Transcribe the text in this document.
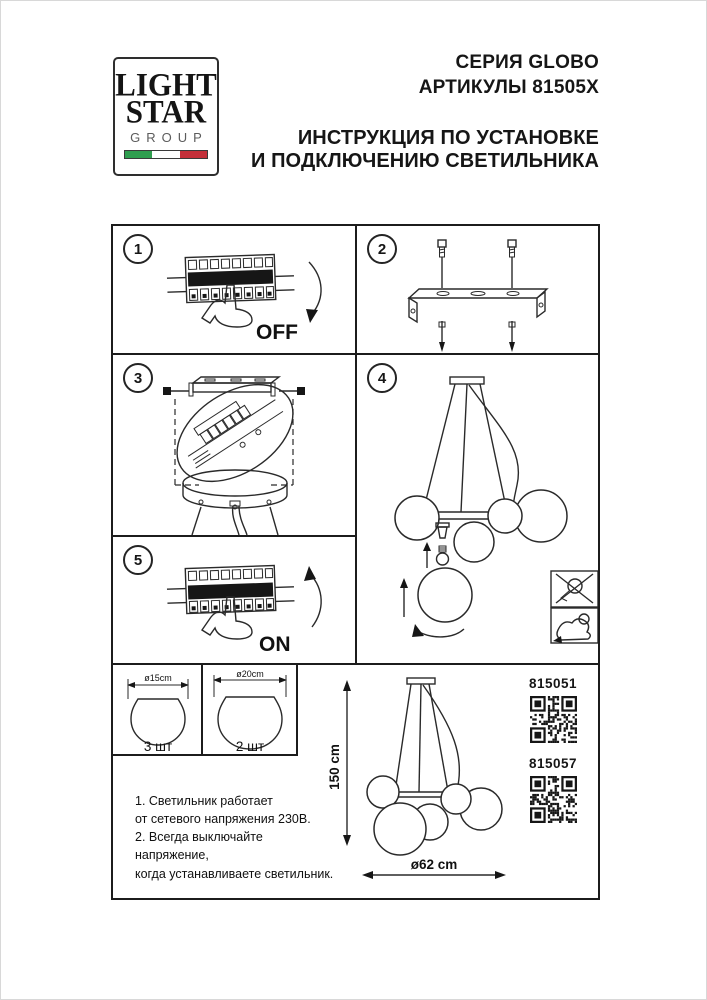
LIGHT
STAR
GROUP
СЕРИЯ GLOBO
АРТИКУЛЫ 81505X
ИНСТРУКЦИЯ ПО УСТАНОВКЕ
И ПОДКЛЮЧЕНИЮ СВЕТИЛЬНИКА
1
OFF
2
3	4
5
ON
ø15cm
3 шт
ø20cm
2 шт	150 cm
ø62 cm
1. Светильник работает
от сетевого напряжения 230В.
2. Всегда выключайте напряжение,
когда устанавливаете светильник.
815051
815057
